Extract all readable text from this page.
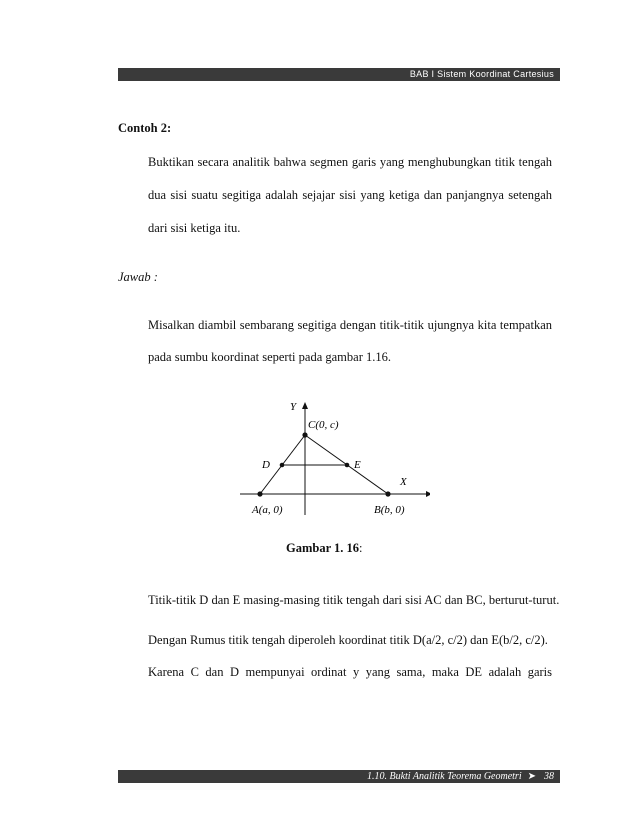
BAB I Sistem Koordinat Cartesius
Contoh 2:
Buktikan secara analitik bahwa segmen garis yang menghubungkan titik tengah
dua sisi suatu segitiga adalah sejajar sisi yang ketiga dan panjangnya setengah
dari sisi ketiga itu.
Jawab :
Misalkan diambil sembarang segitiga dengan titik-titik ujungnya kita tempatkan
pada sumbu koordinat seperti pada gambar 1.16.
Y
X
C(0, c)
D	E
A(a, 0)	B(b, 0)
Gambar 1. 16:
Titik-titik D dan E masing-masing titik tengah dari sisi AC dan BC, berturut-turut.
Dengan Rumus titik tengah diperoleh koordinat titik D(a/2, c/2) dan E(b/2, c/2).
Karena C dan D mempunyai ordinat y yang sama, maka DE adalah garis
1.10. Bukti Analitik Teorema Geometri ➤ 38
